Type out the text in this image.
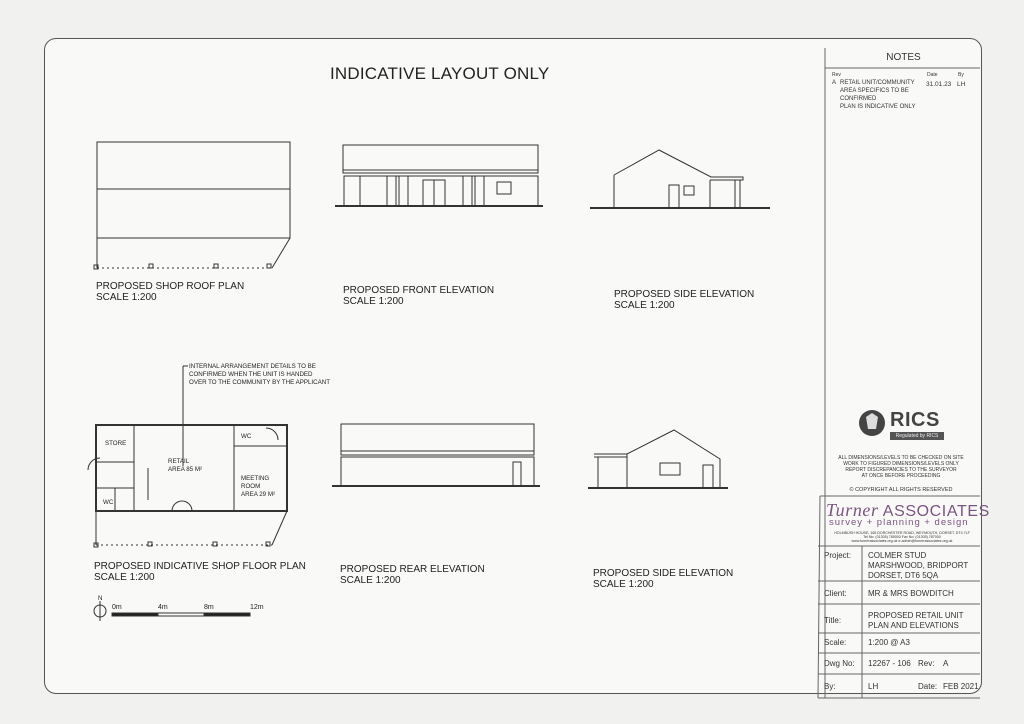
INDICATIVE LAYOUT ONLY
PROPOSED SHOP ROOF PLAN
SCALE 1:200
PROPOSED FRONT ELEVATION
SCALE 1:200
PROPOSED SIDE ELEVATION
SCALE 1:200
PROPOSED INDICATIVE SHOP FLOOR PLAN
SCALE 1:200
PROPOSED REAR ELEVATION
SCALE 1:200
PROPOSED SIDE ELEVATION
SCALE 1:200
INTERNAL ARRANGEMENT DETAILS TO BE
CONFIRMED WHEN THE UNIT IS HANDED
OVER TO THE COMMUNITY BY THE APPLICANT
STORE
RETAIL
AREA 85 M²
WC
WC
MEETING
ROOM
AREA 29 M²
N
0m	4m	8m	12m
NOTES
Rev	Date	By
A RETAIL UNIT/COMMUNITY
AREA SPECIFICS TO BE
CONFIRMED
PLAN IS INDICATIVE ONLY
31.01.23 LH
RICS
Regulated by RICS
ALL DIMENSIONS/LEVELS TO BE CHECKED ON SITE
WORK TO FIGURED DIMENSIONS/LEVELS ONLY
REPORT DISCREPANCIES TO THE SURVEYOR
AT ONCE BEFORE PROCEEDING
© COPYRIGHT ALL RIGHTS RESERVED
Turner ASSOCIATES
survey + planning + design
HOLMBUSH HOUSE, 165 DORCHESTER ROAD, WEYMOUTH, DORSET, DT4 7LF
Tel No: (01305) 785000 Fax No: (01305) 787000
www.turnerassociates.org.uk e-admin@turnerassociates.org.uk
Project: COLMER STUD
MARSHWOOD, BRIDPORT
DORSET, DT6 5QA
Client:	MR & MRS BOWDITCH
Title:
PROPOSED RETAIL UNIT
PLAN AND ELEVATIONS
Scale:	1:200 @ A3
Dwg No: 12267 - 106 Rev: A
By:	LH	Date: FEB 2021
